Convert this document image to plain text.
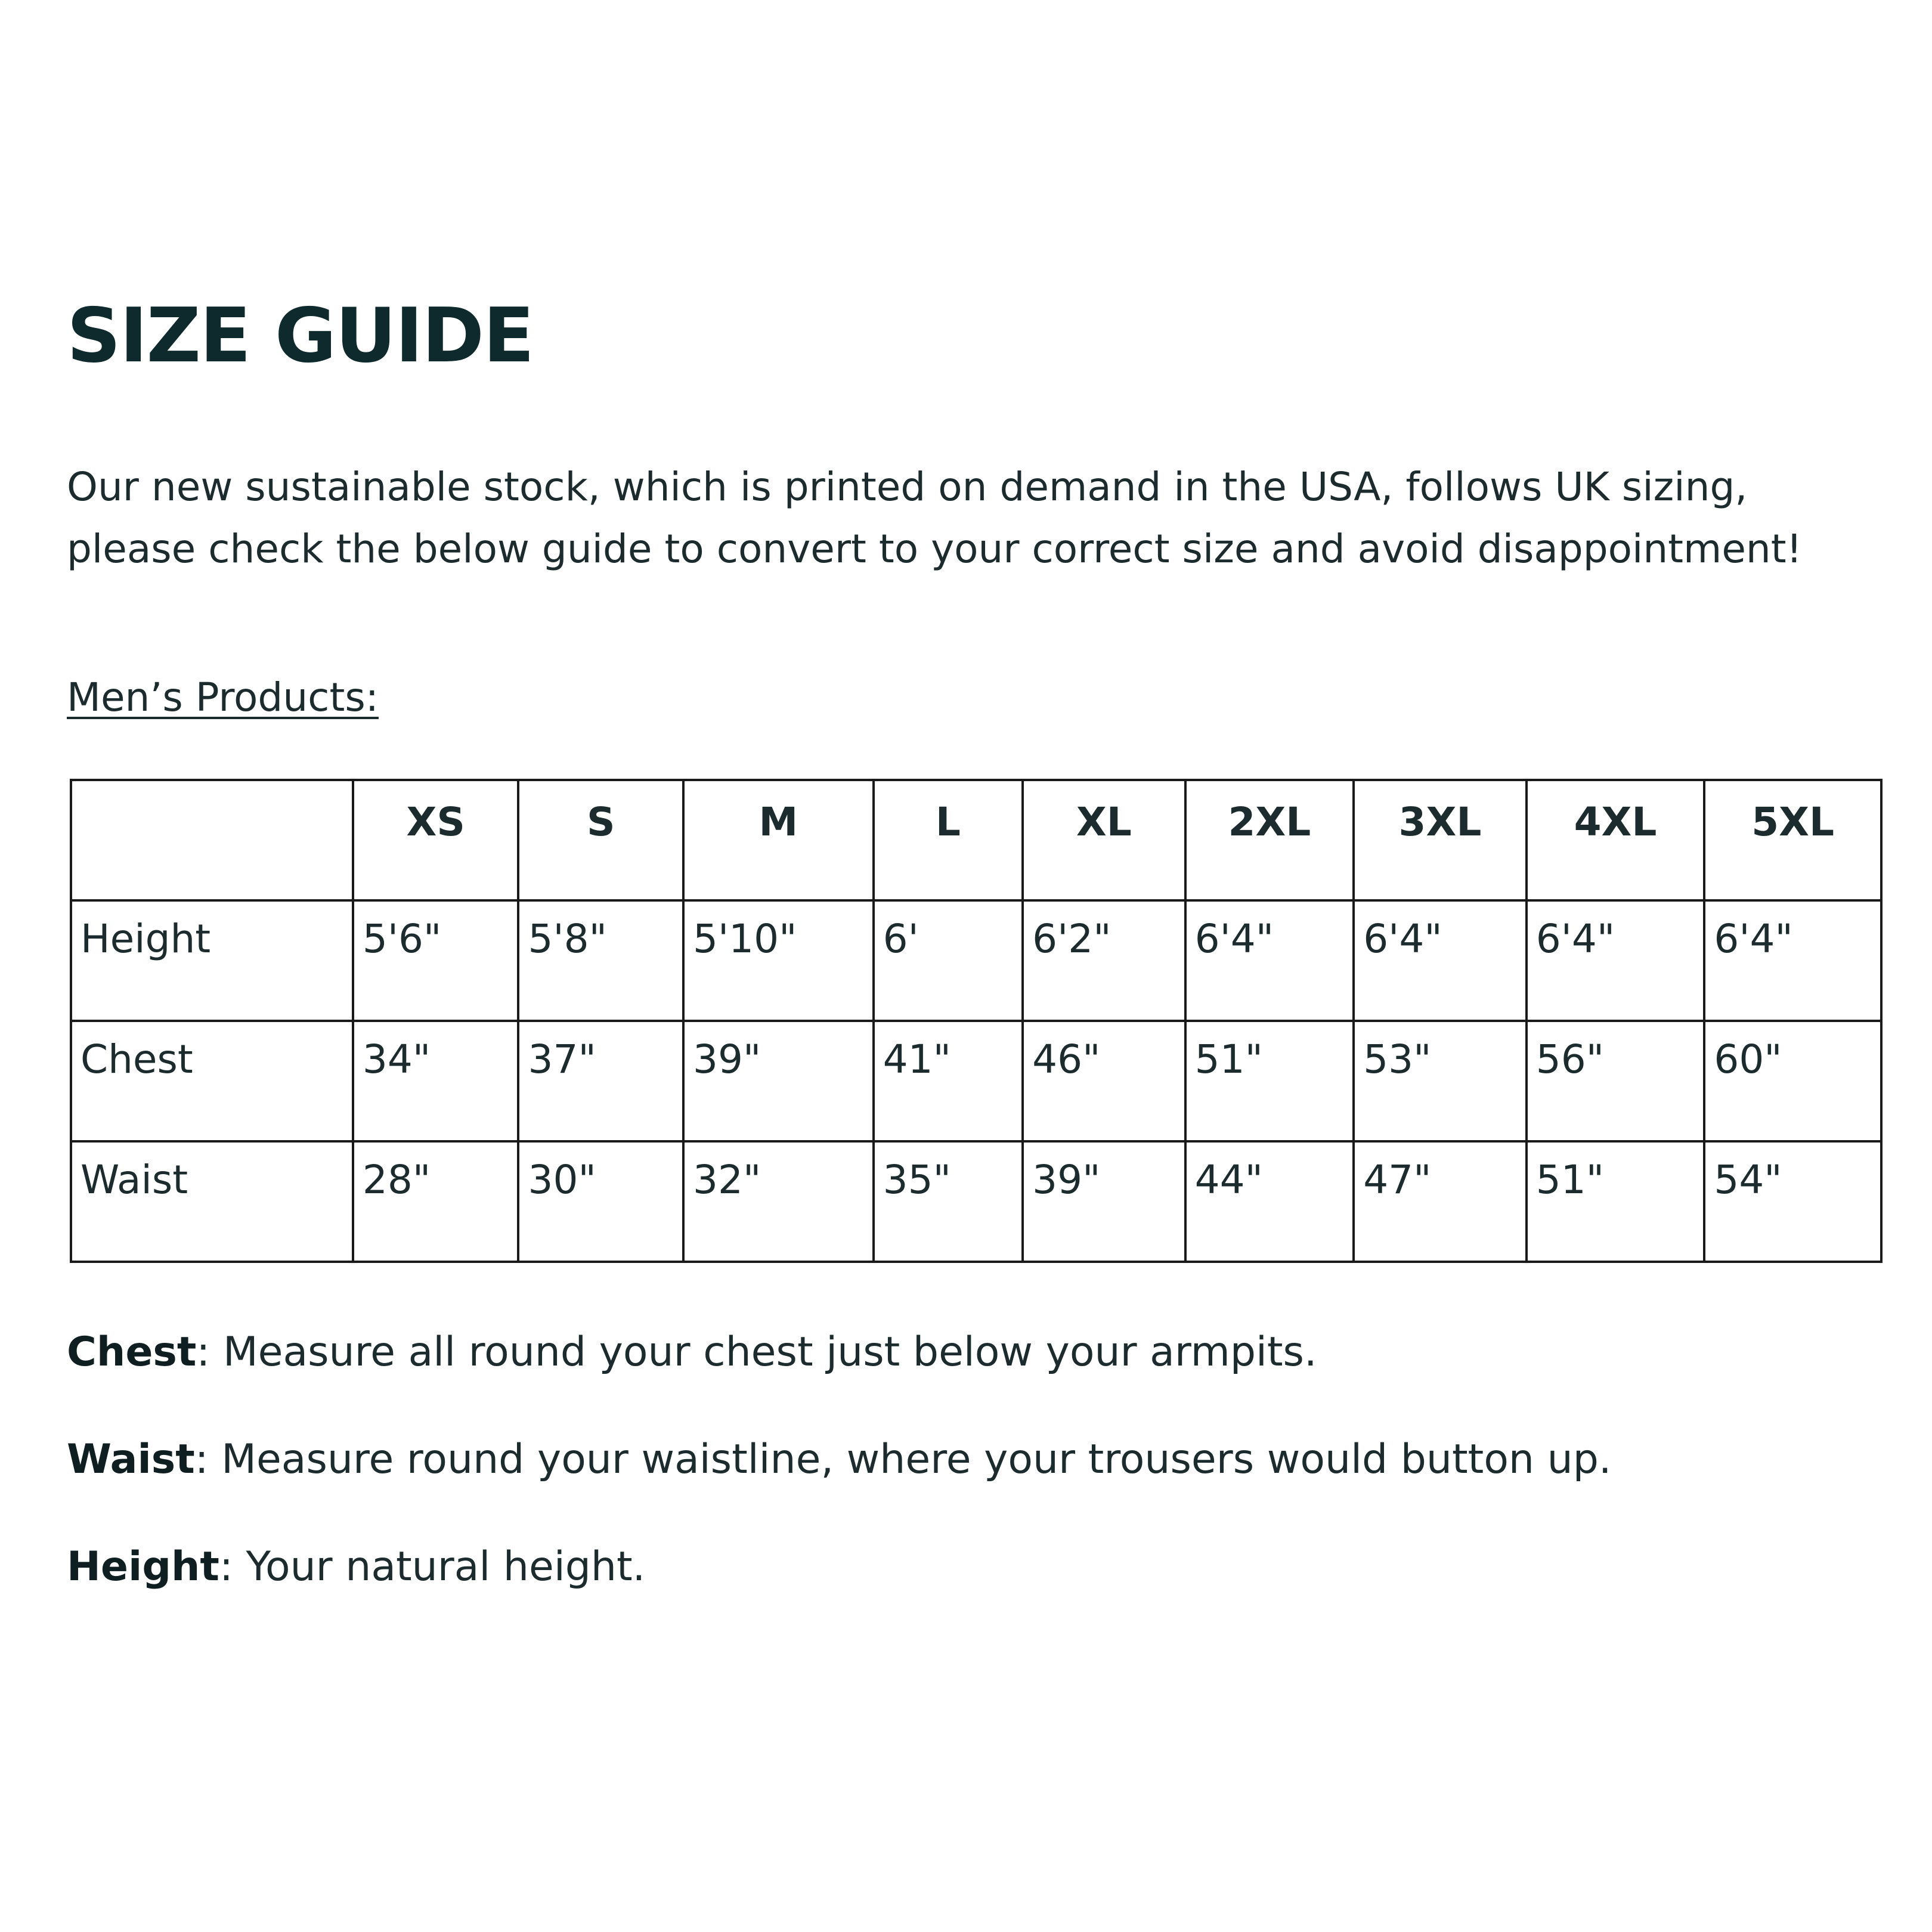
SIZE GUIDE

Our new sustainable stock, which is printed on demand in the USA, follows UK sizing, please check the below guide to convert to your correct size and avoid disappointment!

Men’s Products:

	XS	S	M	L	XL	2XL	3XL	4XL	5XL
Height	5'6"	5'8"	5'10"	6'	6'2"	6'4"	6'4"	6'4"	6'4"
Chest	34"	37"	39"	41"	46"	51"	53"	56"	60"
Waist	28"	30"	32"	35"	39"	44"	47"	51"	54"

Chest: Measure all round your chest just below your armpits.

Waist: Measure round your waistline, where your trousers would button up.

Height: Your natural height.
